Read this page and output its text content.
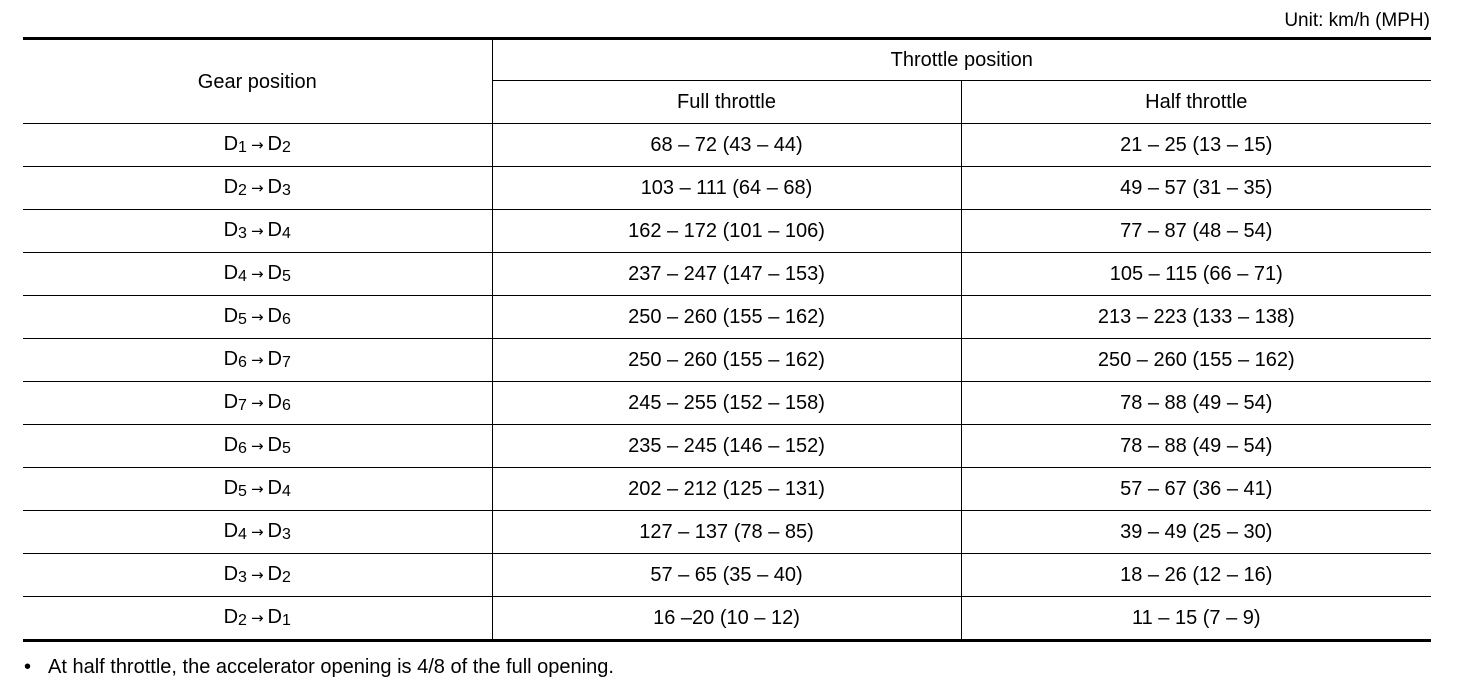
Unit: km/h (MPH)
Gear position	Throttle position	
	Full throttle	Half throttle
D1 → D2	68 – 72 (43 – 44)	21 – 25 (13 – 15)
D2 → D3	103 – 111 (64 – 68)	49 – 57 (31 – 35)
D3 → D4	162 – 172 (101 – 106)	77 – 87 (48 – 54)
D4 → D5	237 – 247 (147 – 153)	105 – 115 (66 – 71)
D5 → D6	250 – 260 (155 – 162)	213 – 223 (133 – 138)
D6 → D7	250 – 260 (155 – 162)	250 – 260 (155 – 162)
D7 → D6	245 – 255 (152 – 158)	78 – 88 (49 – 54)
D6 → D5	235 – 245 (146 – 152)	78 – 88 (49 – 54)
D5 → D4	202 – 212 (125 – 131)	57 – 67 (36 – 41)
D4 → D3	127 – 137 (78 – 85)	39 – 49 (25 – 30)
D3 → D2	57 – 65 (35 – 40)	18 – 26 (12 – 16)
D2 → D1	16 –20 (10 – 12)	11 – 15 (7 – 9)
• At half throttle, the accelerator opening is 4/8 of the full opening.
